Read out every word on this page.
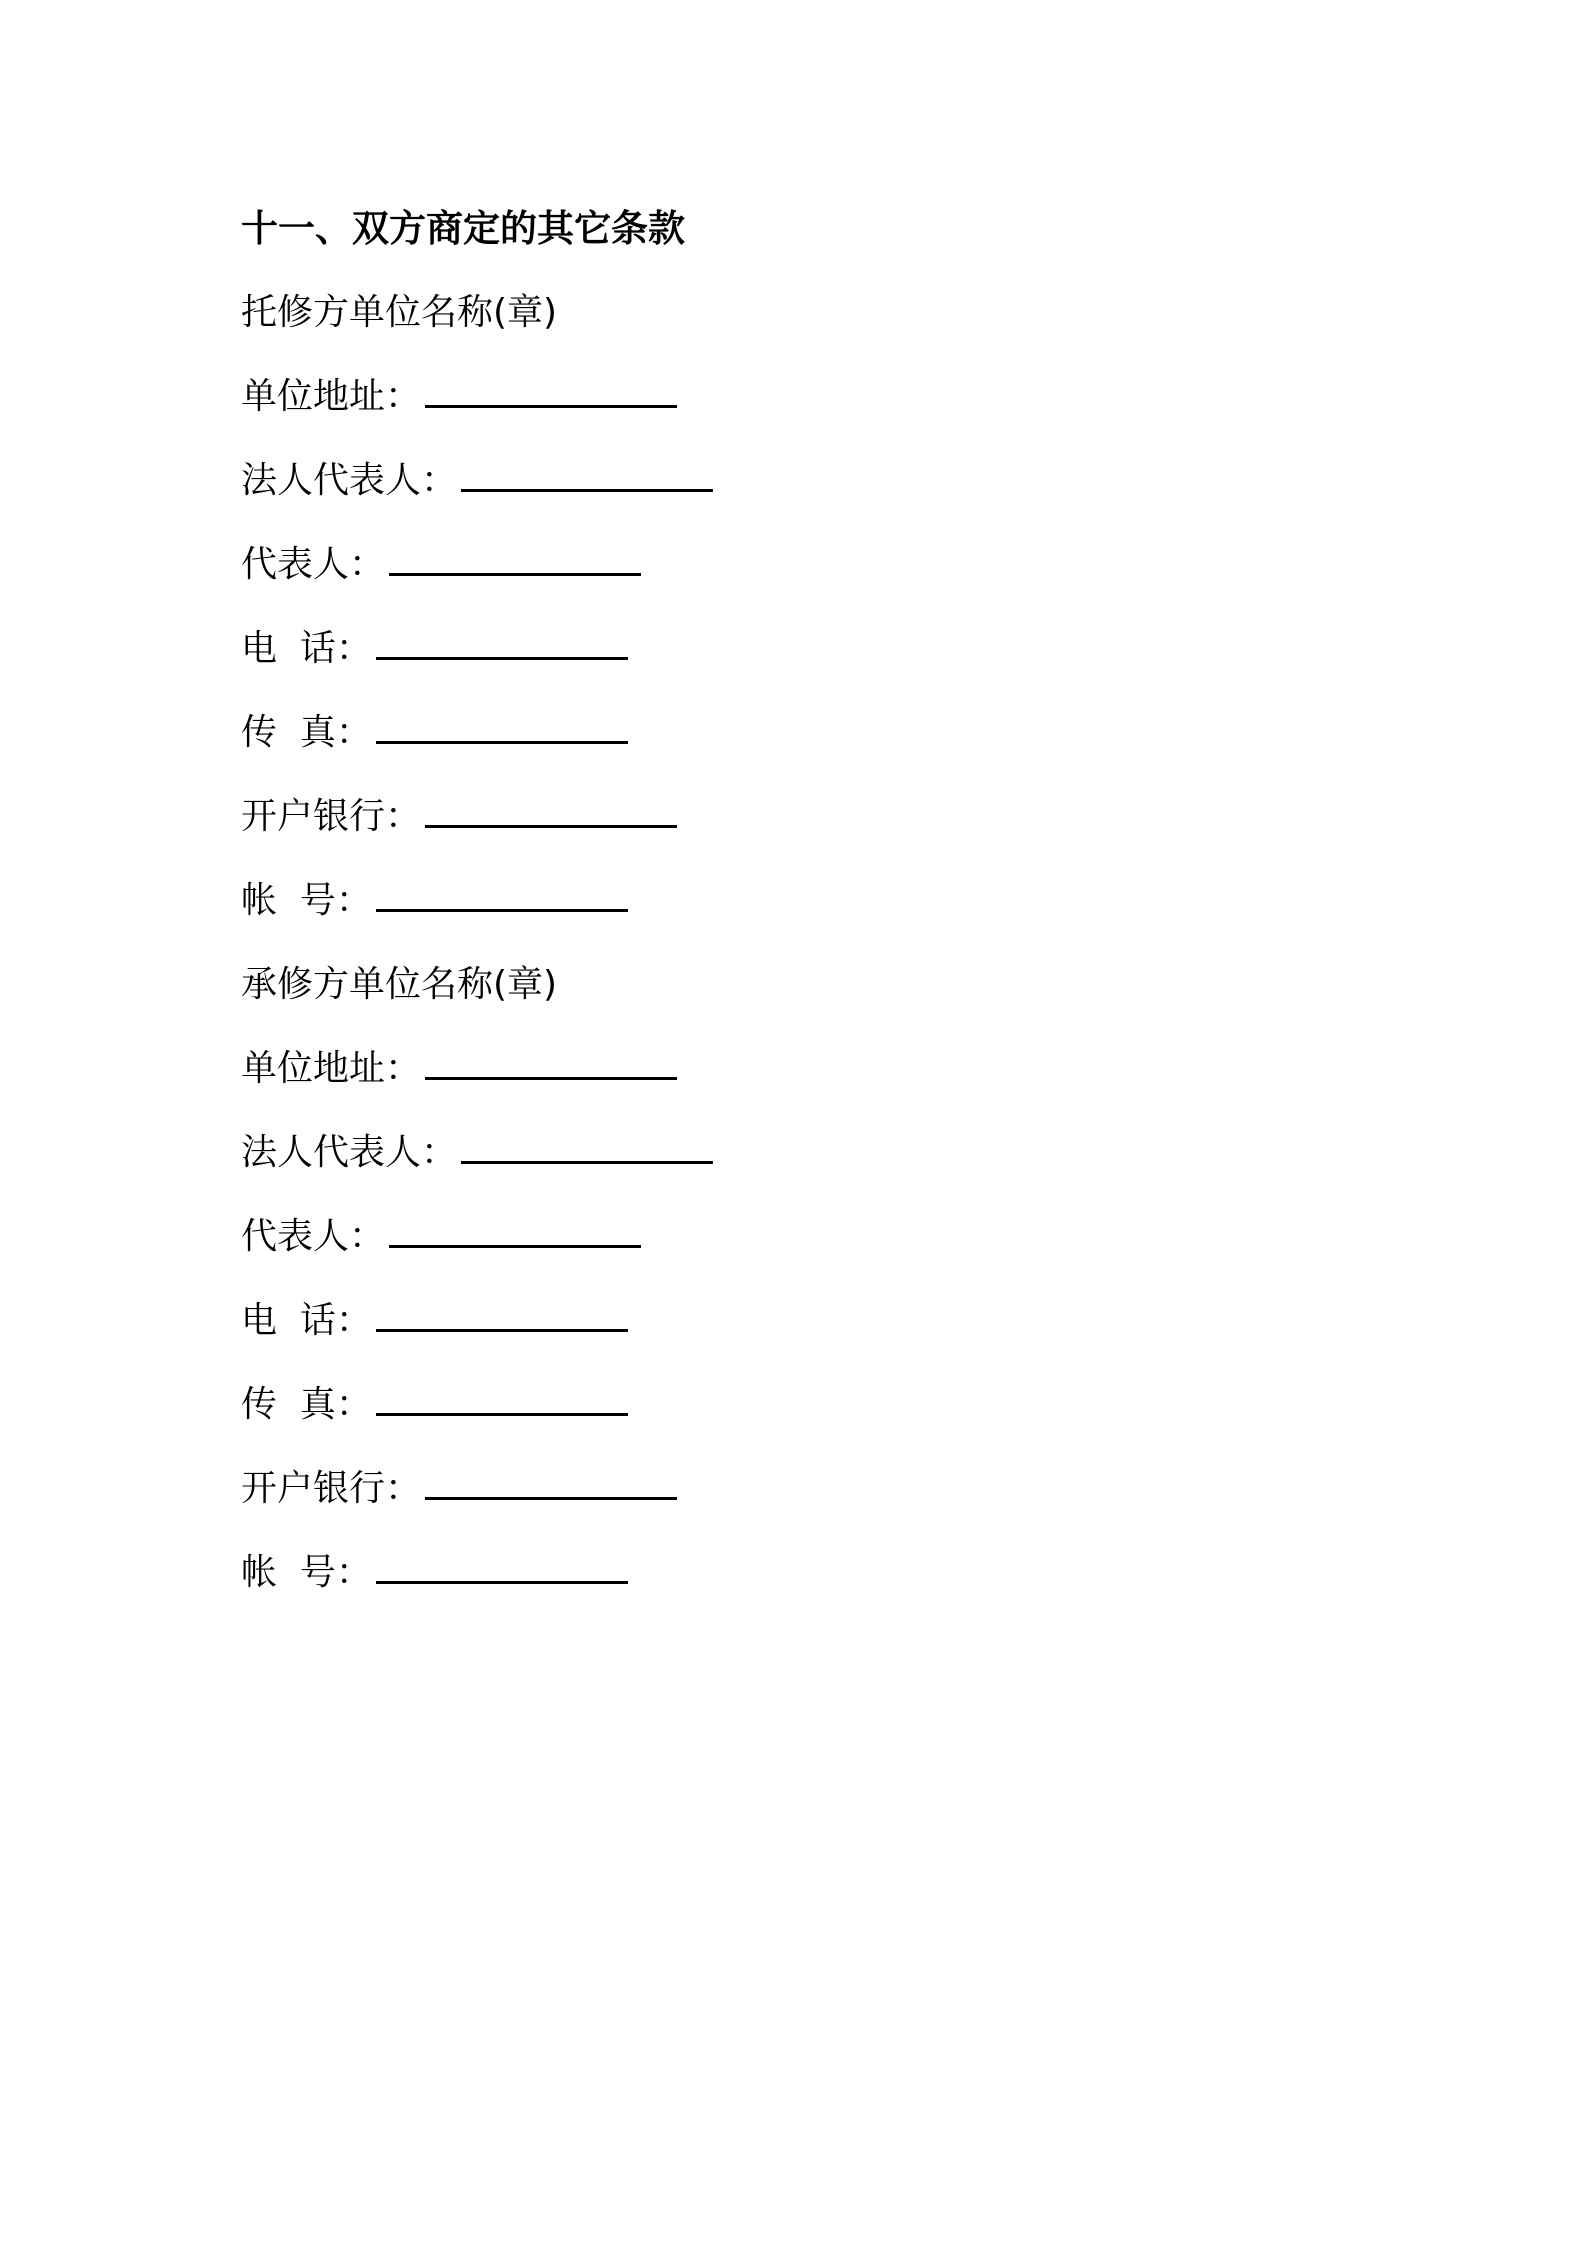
十一、双方商定的其它条款
托修方单位名称(章)
单位地址：
法人代表人：
代表人：
电  话：
传  真：
开户银行：
帐  号：
承修方单位名称(章)
单位地址：
法人代表人：
代表人：
电  话：
传  真：
开户银行：
帐  号：
